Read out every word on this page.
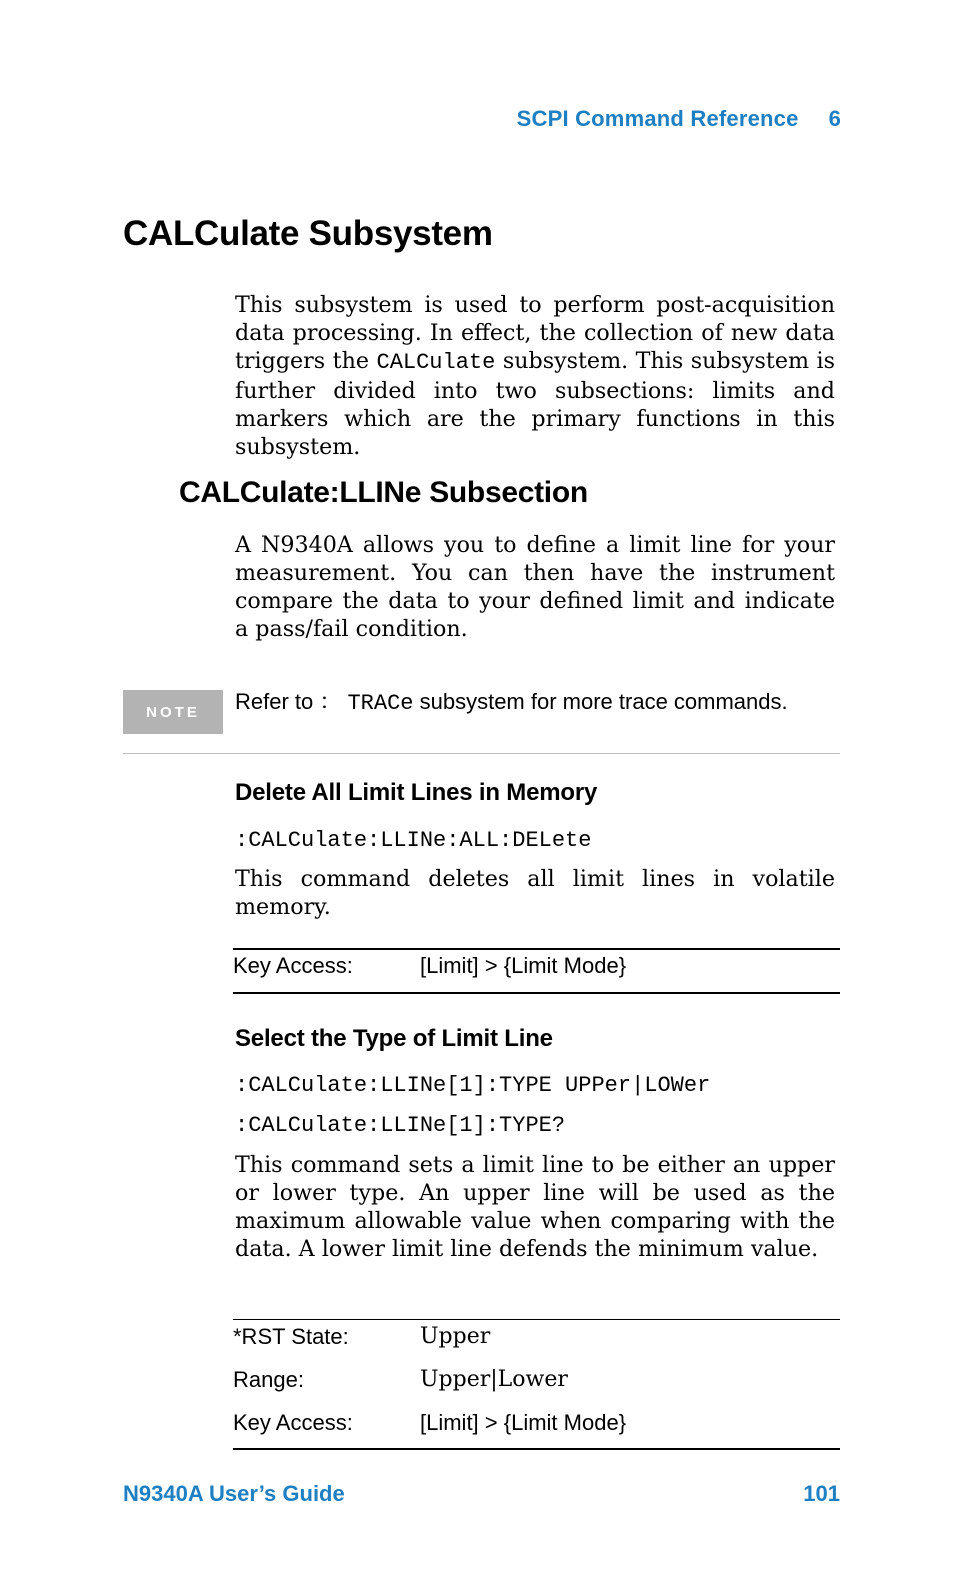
SCPI Command Reference 6
CALCulate Subsystem

This subsystem is used to perform post-acquisition data processing. In effect, the collection of new data triggers the CALCulate subsystem. This subsystem is further divided into two subsections: limits and markers which are the primary functions in this subsystem.

CALCulate:LLINe Subsection

A N9340A allows you to define a limit line for your measurement. You can then have the instrument compare the data to your defined limit and indicate a pass/fail condition.

NOTE	Refer to ： TRACe subsystem for more trace commands.
Delete All Limit Lines in Memory
:CALCulate:LLINe:ALL:DELete

This command deletes all limit lines in volatile memory.

Key Access:	[Limit] > {Limit Mode}
Select the Type of Limit Line
:CALCulate:LLINe[1]:TYPE UPPer|LOWer
:CALCulate:LLINe[1]:TYPE?

This command sets a limit line to be either an upper or lower type. An upper line will be used as the maximum allowable value when comparing with the data. A lower limit line defends the minimum value.

*RST State:	Upper
Range:	Upper|Lower
Key Access:	[Limit] > {Limit Mode}
N9340A User’s Guide	101
